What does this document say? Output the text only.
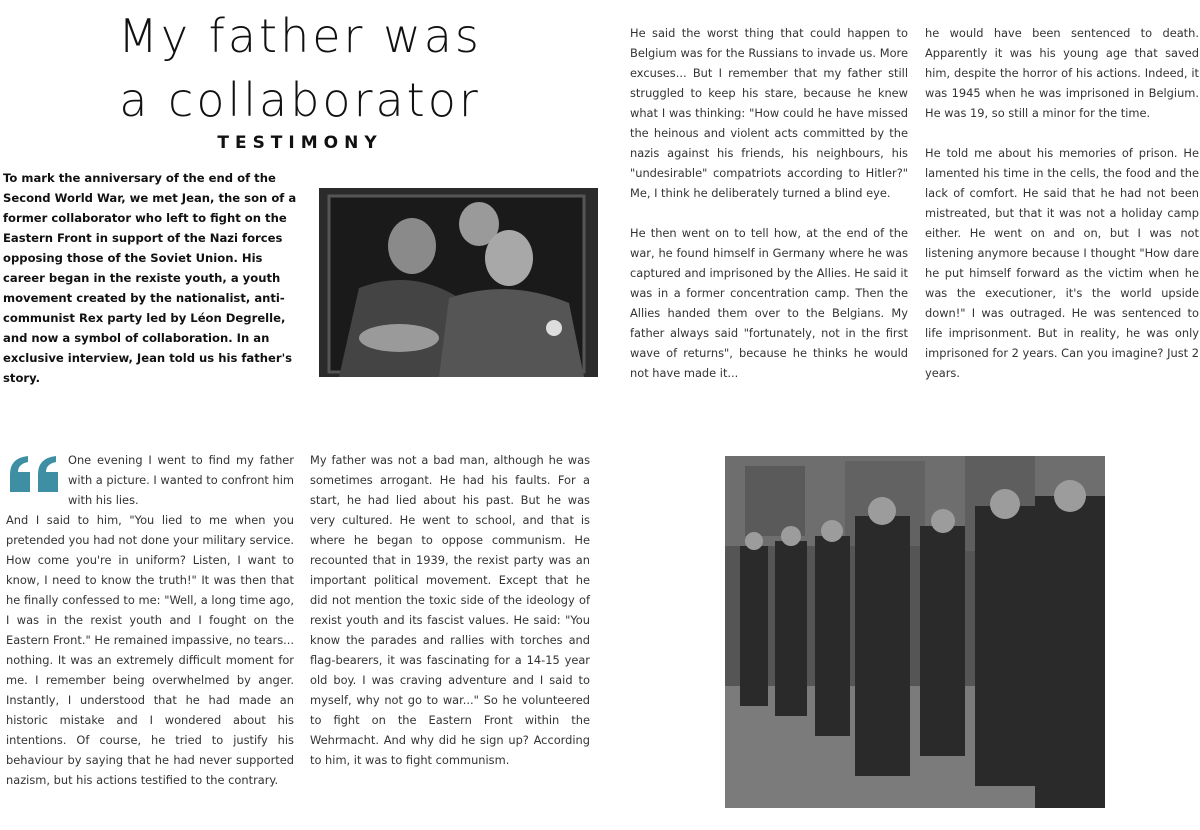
My father was
a collaborator
TESTIMONY
To mark the anniversary of the end of the Second World War, we met Jean, the son of a former collaborator who left to fight on the Eastern Front in support of the Nazi forces opposing those of the Soviet Union. His career began in the rexiste youth, a youth movement created by the nationalist, anti-communist Rex party led by Léon Degrelle, and now a symbol of collaboration. In an exclusive interview, Jean told us his father's story.

He said the worst thing that could happen to Belgium was for the Russians to invade us. More excuses... But I remember that my father still struggled to keep his stare, because he knew what I was thinking: "How could he have missed the heinous and violent acts committed by the nazis against his friends, his neighbours, his "undesirable" compatriots according to Hitler?" Me, I think he deliberately turned a blind eye.

He then went on to tell how, at the end of the war, he found himself in Germany where he was captured and imprisoned by the Allies. He said it was in a former concentration camp. Then the Allies handed them over to the Belgians. My father always said "fortunately, not in the first wave of returns", because he thinks he would not have made it...

he would have been sentenced to death. Apparently it was his young age that saved him, despite the horror of his actions. Indeed, it was 1945 when he was imprisoned in Belgium. He was 19, so still a minor for the time.

He told me about his memories of prison. He lamented his time in the cells, the food and the lack of comfort. He said that he had not been mistreated, but that it was not a holiday camp either. He went on and on, but I was not listening anymore because I thought "How dare he put himself forward as the victim when he was the executioner, it's the world upside down!" I was outraged. He was sentenced to life imprisonment. But in reality, he was only imprisoned for 2 years. Can you imagine? Just 2 years.

One evening I went to find my father with a picture. I wanted to confront him with his lies.

And I said to him, "You lied to me when you pretended you had not done your military service. How come you're in uniform? Listen, I want to know, I need to know the truth!" It was then that he finally confessed to me: "Well, a long time ago, I was in the rexist youth and I fought on the Eastern Front." He remained impassive, no tears... nothing. It was an extremely difficult moment for me. I remember being overwhelmed by anger. Instantly, I understood that he had made an historic mistake and I wondered about his intentions. Of course, he tried to justify his behaviour by saying that he had never supported nazism, but his actions testified to the contrary.

My father was not a bad man, although he was sometimes arrogant. He had his faults. For a start, he had lied about his past. But he was very cultured. He went to school, and that is where he began to oppose communism. He recounted that in 1939, the rexist party was an important political movement. Except that he did not mention the toxic side of the ideology of rexist youth and its fascist values. He said: "You know the parades and rallies with torches and flag-bearers, it was fascinating for a 14-15 year old boy. I was craving adventure and I said to myself, why not go to war..." So he volunteered to fight on the Eastern Front within the Wehrmacht. And why did he sign up? According to him, it was to fight communism.
